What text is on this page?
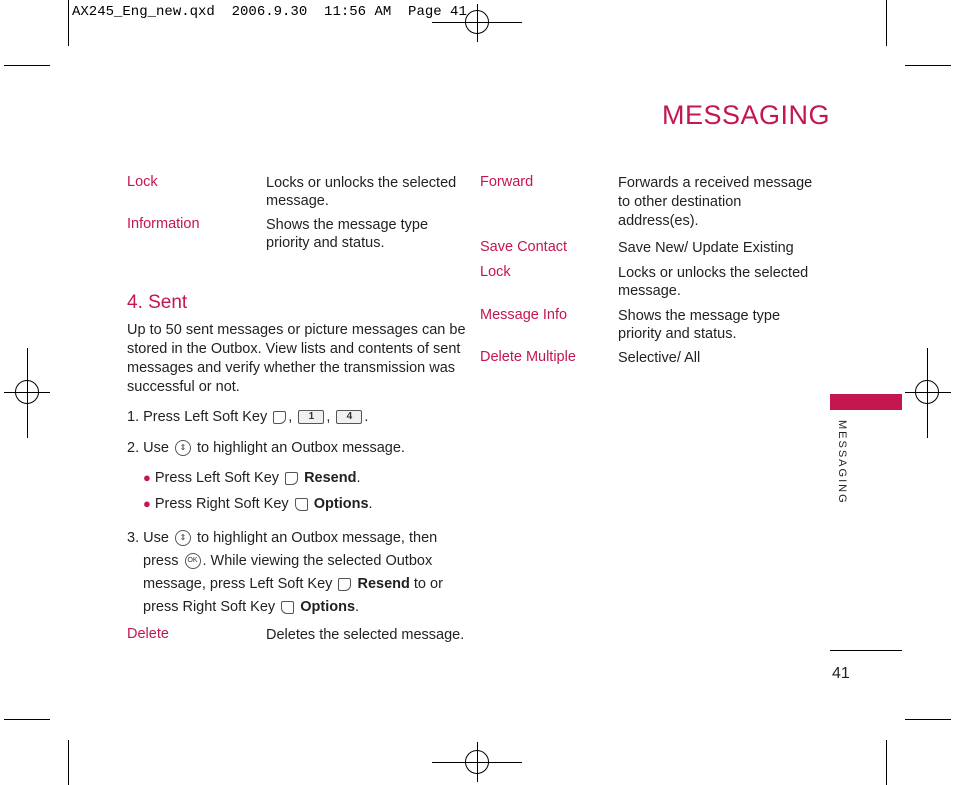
AX245_Eng_new.qxd  2006.9.30  11:56 AM  Page 41
MESSAGING
Lock	Locks or unlocks the selected
message.
Information	Shows the message type
priority and status.
4. Sent
Up to 50 sent messages or picture messages can be
stored in the Outbox. View lists and contents of sent
messages and verify whether the transmission was
successful or not.
1. Press Left Soft Key , 1 , 4 .
2. Use ⇕ to highlight an Outbox message.
● Press Left Soft Key Resend.
● Press Right Soft Key Options.
3. Use ⇕ to highlight an Outbox message, then
press OK . While viewing the selected Outbox
message, press Left Soft Key Resend to or
press Right Soft Key Options.
Delete	Deletes the selected message.
Forward	Forwards a received message
to other destination
address(es).
Save Contact	Save New/ Update Existing
Lock	Locks or unlocks the selected
message.
Message Info	Shows the message type
priority and status.
Delete Multiple	Selective/ All
MESSAGING
41
